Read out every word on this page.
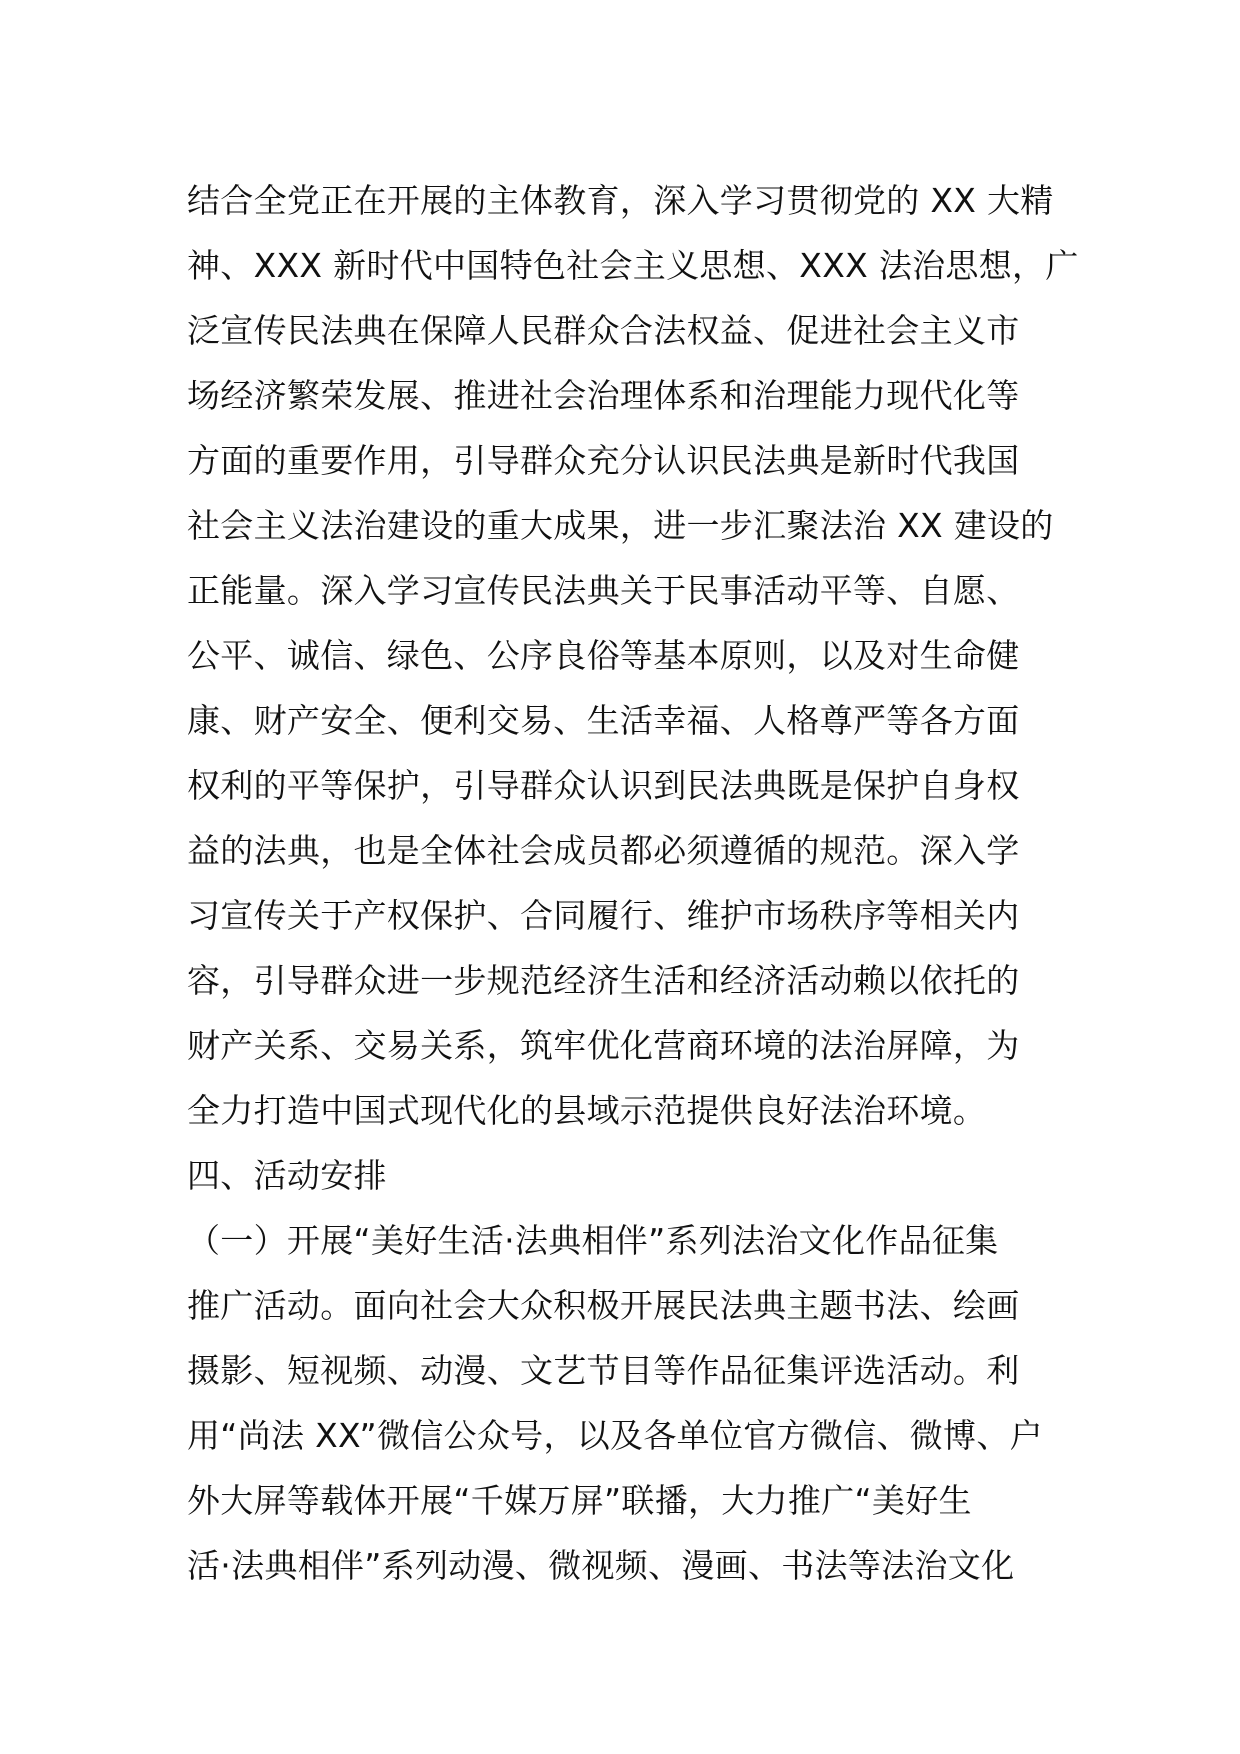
结合全党正在开展的主体教育，深入学习贯彻党的 XX 大精
神、XXX 新时代中国特色社会主义思想、XXX 法治思想，广
泛宣传民法典在保障人民群众合法权益、促进社会主义市
场经济繁荣发展、推进社会治理体系和治理能力现代化等
方面的重要作用，引导群众充分认识民法典是新时代我国
社会主义法治建设的重大成果，进一步汇聚法治 XX 建设的
正能量。深入学习宣传民法典关于民事活动平等、自愿、
公平、诚信、绿色、公序良俗等基本原则，以及对生命健
康、财产安全、便利交易、生活幸福、人格尊严等各方面
权利的平等保护，引导群众认识到民法典既是保护自身权
益的法典，也是全体社会成员都必须遵循的规范。深入学
习宣传关于产权保护、合同履行、维护市场秩序等相关内
容，引导群众进一步规范经济生活和经济活动赖以依托的
财产关系、交易关系，筑牢优化营商环境的法治屏障，为
全力打造中国式现代化的县域示范提供良好法治环境。
四、活动安排
（一）开展“美好生活·法典相伴”系列法治文化作品征集
推广活动。面向社会大众积极开展民法典主题书法、绘画
摄影、短视频、动漫、文艺节目等作品征集评选活动。利
用“尚法 XX”微信公众号，以及各单位官方微信、微博、户
外大屏等载体开展“千媒万屏”联播，大力推广“美好生
活·法典相伴”系列动漫、微视频、漫画、书法等法治文化
